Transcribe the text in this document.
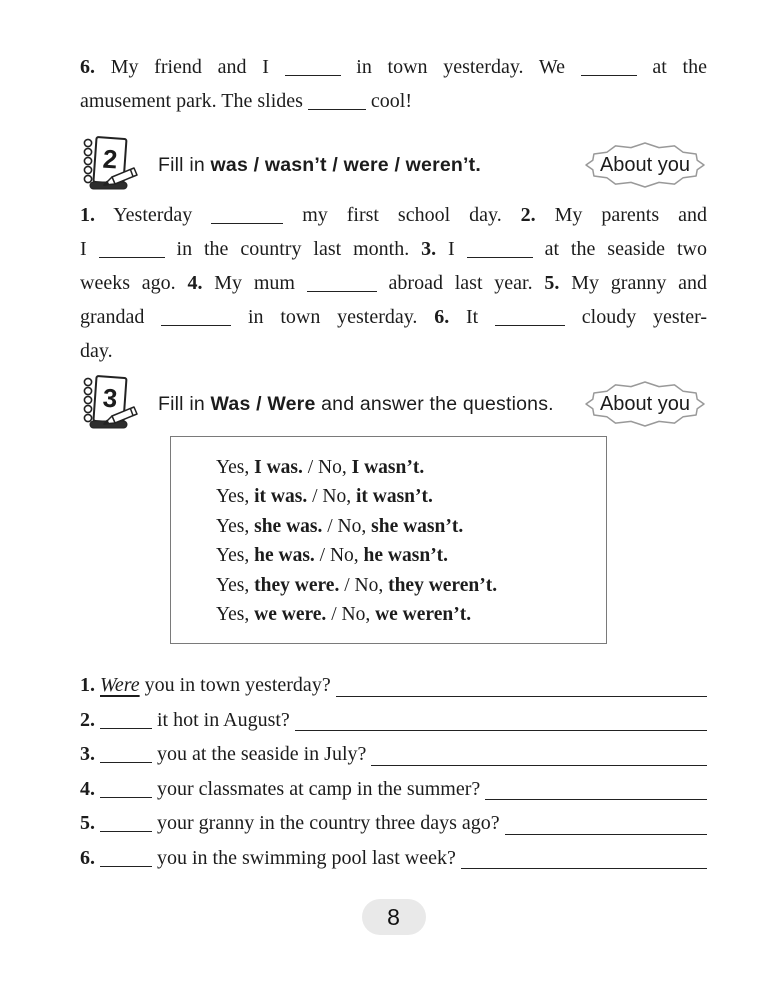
6. My friend and I	in town yesterday. We	at the
amusement park. The slides	cool!
2 Fill in was / wasn’t / were / weren’t.	About you
1. Yesterday	my first school day. 2. My parents and
I	in the country last month. 3. I	at the seaside two
weeks ago. 4. My mum	abroad last year. 5. My granny and
grandad	in town yesterday. 6. It	cloudy yester-
day.
3 Fill in Was / Were and answer the questions. About you
Yes, I was. / No, I wasn’t.
Yes, it was. / No, it wasn’t.
Yes, she was. / No, she wasn’t.
Yes, he was. / No, he wasn’t.
Yes, they were. / No, they weren’t.
Yes, we were. / No, we weren’t.
1. Were you in town yesterday?
2.	it hot in August?
3.	you at the seaside in July?
4.	your classmates at camp in the summer?
5.	your granny in the country three days ago?
6.	you in the swimming pool last week?
8
